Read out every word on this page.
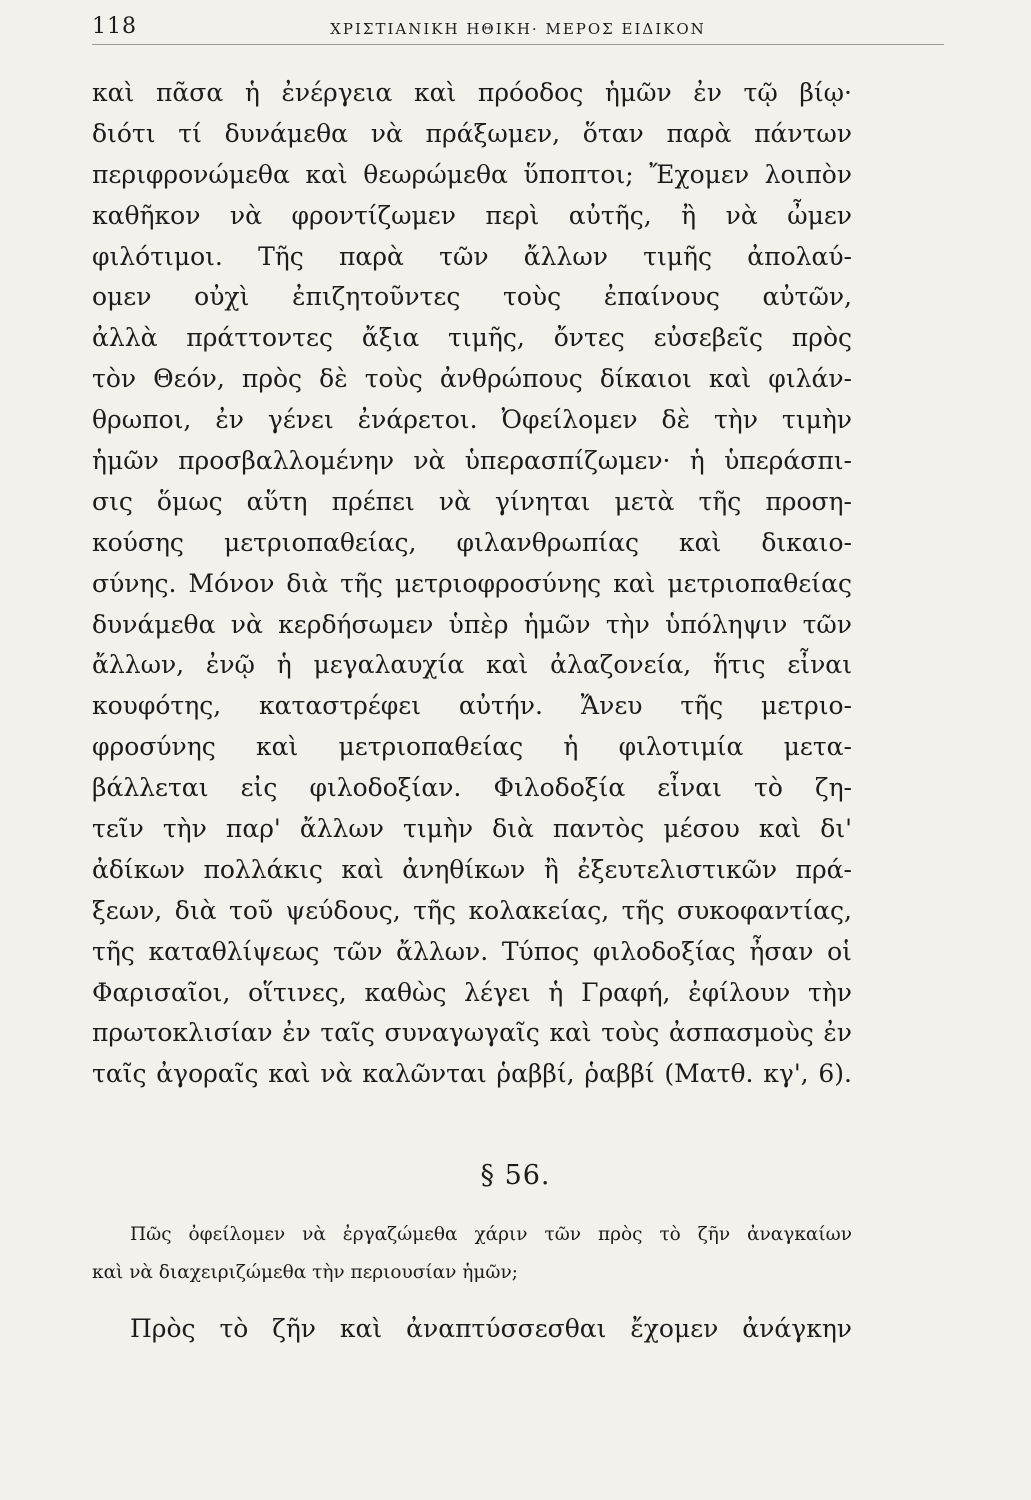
118	ΧΡΙΣΤΙΑΝΙΚΗ ΗΘΙΚΗ· ΜΕΡΟΣ ΕΙΔΙΚΟΝ
καὶ πᾶσα ἡ ἐνέργεια καὶ πρόοδος ἡμῶν ἐν τῷ βίῳ·
διότι τί δυνάμεθα νὰ πράξωμεν, ὅταν παρὰ πάντων
περιφρονώμεθα καὶ θεωρώμεθα ὕποπτοι; Ἔχομεν λοιπὸν
καθῆκον νὰ φροντίζωμεν περὶ αὐτῆς, ἢ νὰ ὦμεν
φιλότιμοι. Τῆς παρὰ τῶν ἄλλων τιμῆς ἀπολαύ-
ομεν οὐχὶ ἐπιζητοῦντες τοὺς ἐπαίνους αὐτῶν,
ἀλλὰ πράττοντες ἄξια τιμῆς, ὄντες εὐσεβεῖς πρὸς
τὸν Θεόν, πρὸς δὲ τοὺς ἀνθρώπους δίκαιοι καὶ φιλάν-
θρωποι, ἐν γένει ἐνάρετοι. Ὀφείλομεν δὲ τὴν τιμὴν
ἡμῶν προσβαλλομένην νὰ ὑπερασπίζωμεν· ἡ ὑπεράσπι-
σις ὅμως αὕτη πρέπει νὰ γίνηται μετὰ τῆς προση-
κούσης μετριοπαθείας, φιλανθρωπίας καὶ δικαιο-
σύνης. Μόνον διὰ τῆς μετριοφροσύνης καὶ μετριοπαθείας
δυνάμεθα νὰ κερδήσωμεν ὑπὲρ ἡμῶν τὴν ὑπόληψιν τῶν
ἄλλων, ἐνῷ ἡ μεγαλαυχία καὶ ἀλαζονεία, ἥτις εἶναι
κουφότης, καταστρέφει αὐτήν. Ἄνευ τῆς μετριο-
φροσύνης καὶ μετριοπαθείας ἡ φιλοτιμία μετα-
βάλλεται εἰς φιλοδοξίαν. Φιλοδοξία εἶναι τὸ ζη-
τεῖν τὴν παρ' ἄλλων τιμὴν διὰ παντὸς μέσου καὶ δι'
ἀδίκων πολλάκις καὶ ἀνηθίκων ἢ ἐξευτελιστικῶν πρά-
ξεων, διὰ τοῦ ψεύδους, τῆς κολακείας, τῆς συκοφαντίας,
τῆς καταθλίψεως τῶν ἄλλων. Τύπος φιλοδοξίας ἦσαν οἱ
Φαρισαῖοι, οἵτινες, καθὼς λέγει ἡ Γραφή, ἐφίλουν τὴν
πρωτοκλισίαν ἐν ταῖς συναγωγαῖς καὶ τοὺς ἀσπασμοὺς ἐν
ταῖς ἀγοραῖς καὶ νὰ καλῶνται ῥαββί, ῥαββί (Ματθ. κγ', 6).
§ 56.
Πῶς ὀφείλομεν νὰ ἐργαζώμεθα χάριν τῶν πρὸς τὸ ζῆν ἀναγκαίων
καὶ νὰ διαχειριζώμεθα τὴν περιουσίαν ἡμῶν;
Πρὸς τὸ ζῆν καὶ ἀναπτύσσεσθαι ἔχομεν ἀνάγκην
